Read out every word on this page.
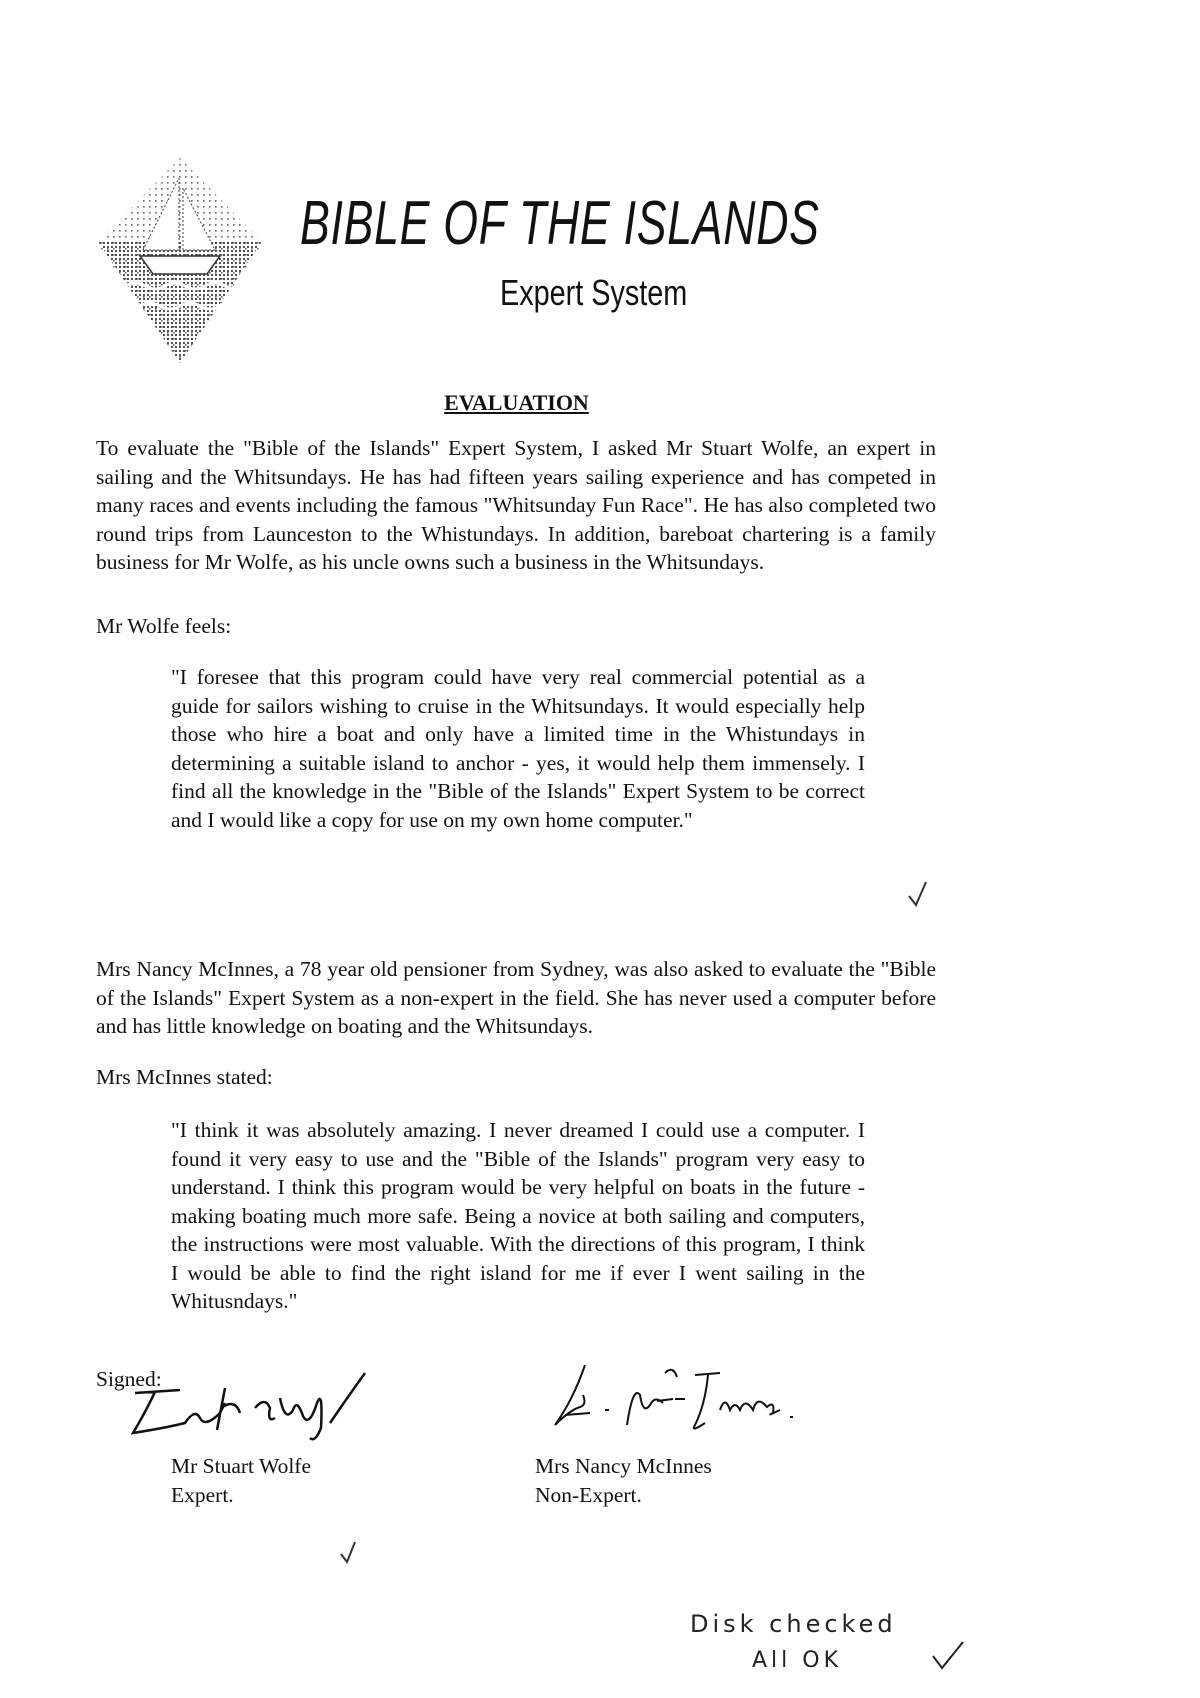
BIBLE OF THE ISLANDS
Expert System
EVALUATION

To evaluate the "Bible of the Islands" Expert System, I asked Mr Stuart Wolfe, an expert in sailing and the Whitsundays. He has had fifteen years sailing experience and has competed in many races and events including the famous "Whitsunday Fun Race". He has also completed two round trips from Launceston to the Whistundays. In addition, bareboat chartering is a family business for Mr Wolfe, as his uncle owns such a business in the Whitsundays.

Mr Wolfe feels:

"I foresee that this program could have very real commercial potential as a guide for sailors wishing to cruise in the Whitsundays. It would especially help those who hire a boat and only have a limited time in the Whistundays in determining a suitable island to anchor - yes, it would help them immensely. I find all the knowledge in the "Bible of the Islands" Expert System to be correct and I would like a copy for use on my own home computer."

Mrs Nancy McInnes, a 78 year old pensioner from Sydney, was also asked to evaluate the "Bible of the Islands" Expert System as a non-expert in the field. She has never used a computer before and has little knowledge on boating and the Whitsundays.

Mrs McInnes stated:

"I think it was absolutely amazing. I never dreamed I could use a computer. I found it very easy to use and the "Bible of the Islands" program very easy to understand. I think this program would be very helpful on boats in the future - making boating much more safe. Being a novice at both sailing and computers, the instructions were most valuable. With the directions of this program, I think I would be able to find the right island for me if ever I went sailing in the Whitusndays."

Signed:
Mr Stuart Wolfe
Expert.
Mrs Nancy McInnes
Non-Expert.
Disk checked
All OK
